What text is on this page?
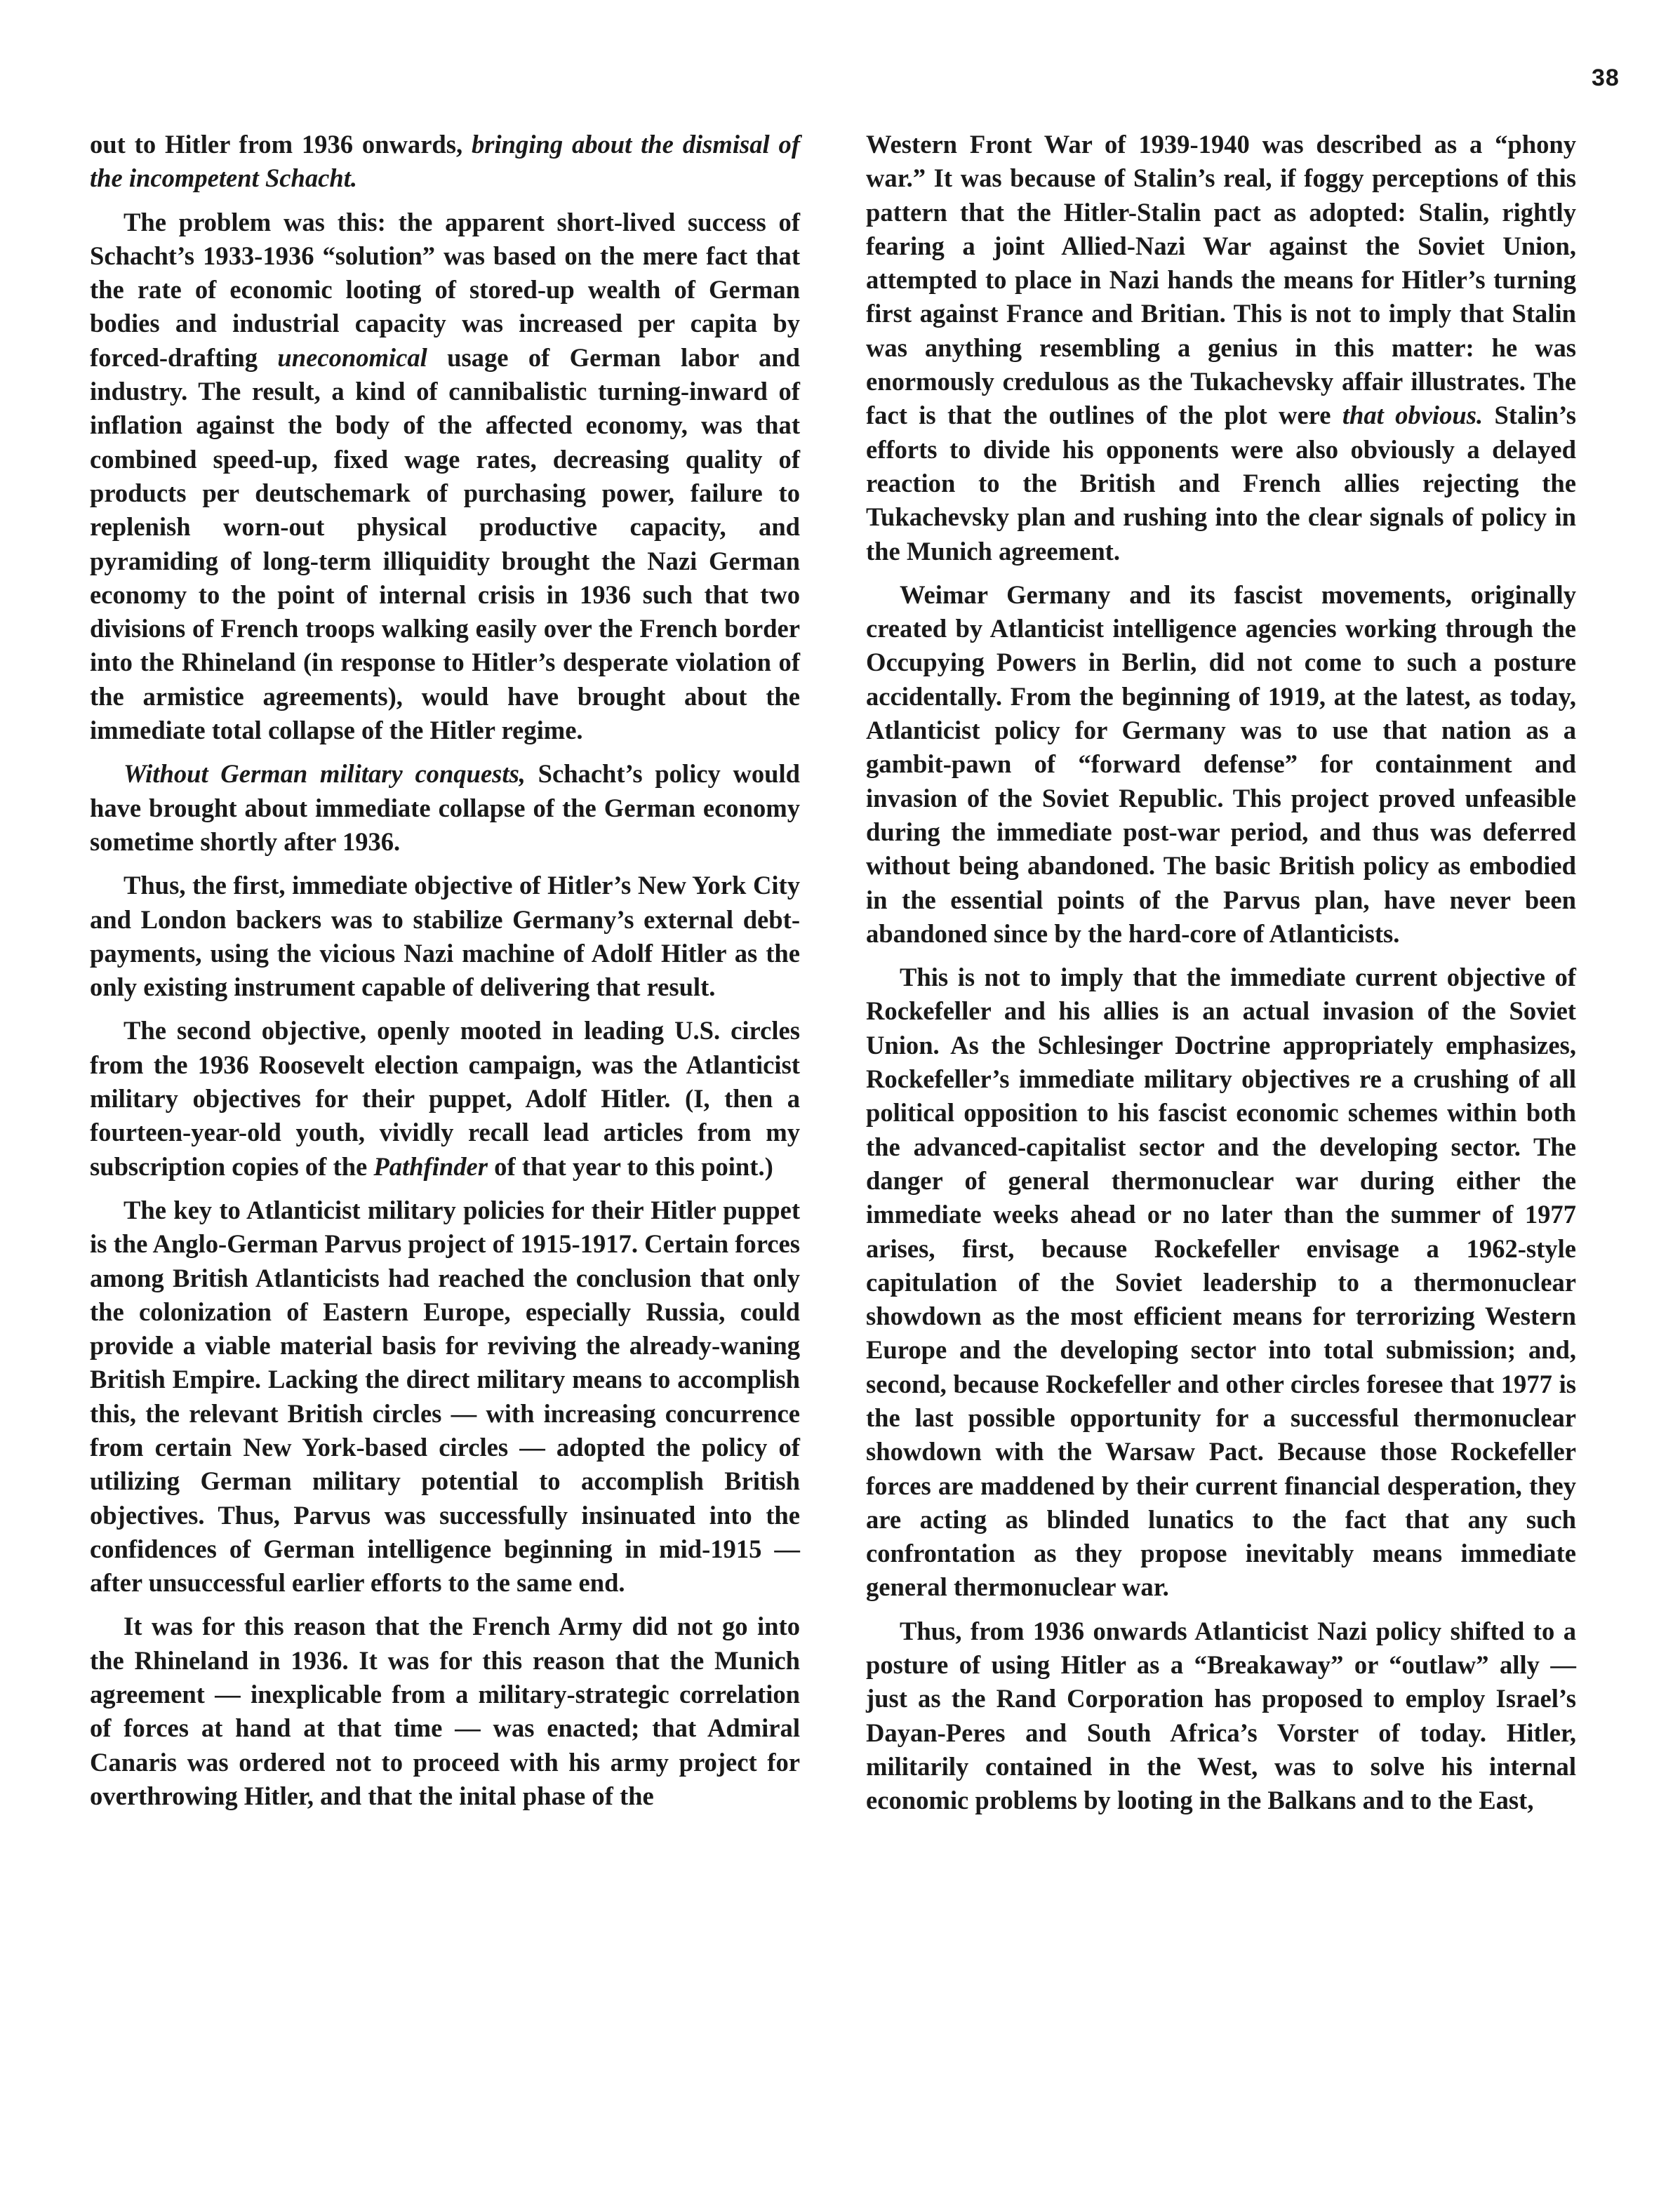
38

out to Hitler from 1936 onwards, bringing about the dismisal of the incompetent Schacht.

The problem was this: the apparent short-lived success of Schacht’s 1933-1936 “solution” was based on the mere fact that the rate of economic looting of stored-up wealth of German bodies and industrial capacity was increased per capita by forced-drafting uneconomical usage of German labor and industry. The result, a kind of cannibalistic turning-inward of inflation against the body of the affected economy, was that combined speed-up, fixed wage rates, decreasing quality of products per deutschemark of purchasing power, failure to replenish worn-out physical productive capacity, and pyramiding of long-term illiquidity brought the Nazi German economy to the point of internal crisis in 1936 such that two divisions of French troops walking easily over the French border into the Rhineland (in response to Hitler’s desperate violation of the armistice agreements), would have brought about the immediate total collapse of the Hitler regime.

Without German military conquests, Schacht’s policy would have brought about immediate collapse of the German economy sometime shortly after 1936.

Thus, the first, immediate objective of Hitler’s New York City and London backers was to stabilize Germany’s external debt-payments, using the vicious Nazi machine of Adolf Hitler as the only existing instrument capable of delivering that result.

The second objective, openly mooted in leading U.S. circles from the 1936 Roosevelt election campaign, was the Atlanticist military objectives for their puppet, Adolf Hitler. (I, then a fourteen-year-old youth, vividly recall lead articles from my subscription copies of the Pathfinder of that year to this point.)

The key to Atlanticist military policies for their Hitler puppet is the Anglo-German Parvus project of 1915-1917. Certain forces among British Atlanticists had reached the conclusion that only the colonization of Eastern Europe, especially Russia, could provide a viable material basis for reviving the already-waning British Empire. Lacking the direct military means to accomplish this, the relevant British circles — with increasing concurrence from certain New York-based circles — adopted the policy of utilizing German military potential to accomplish British objectives. Thus, Parvus was successfully insinuated into the confidences of German intelligence beginning in mid-1915 — after unsuccessful earlier efforts to the same end.

It was for this reason that the French Army did not go into the Rhineland in 1936. It was for this reason that the Munich agreement — inexplicable from a military-strategic correlation of forces at hand at that time — was enacted; that Admiral Canaris was ordered not to proceed with his army project for overthrowing Hitler, and that the inital phase of the

Western Front War of 1939-1940 was described as a “phony war.” It was because of Stalin’s real, if foggy perceptions of this pattern that the Hitler-Stalin pact as adopted: Stalin, rightly fearing a joint Allied-Nazi War against the Soviet Union, attempted to place in Nazi hands the means for Hitler’s turning first against France and Britian. This is not to imply that Stalin was anything resembling a genius in this matter: he was enormously credulous as the Tukachevsky affair illustrates. The fact is that the outlines of the plot were that obvious. Stalin’s efforts to divide his opponents were also obviously a delayed reaction to the British and French allies rejecting the Tukachevsky plan and rushing into the clear signals of policy in the Munich agreement.

Weimar Germany and its fascist movements, originally created by Atlanticist intelligence agencies working through the Occupying Powers in Berlin, did not come to such a posture accidentally. From the beginning of 1919, at the latest, as today, Atlanticist policy for Germany was to use that nation as a gambit-pawn of “forward defense” for containment and invasion of the Soviet Republic. This project proved unfeasible during the immediate post-war period, and thus was deferred without being abandoned. The basic British policy as embodied in the essential points of the Parvus plan, have never been abandoned since by the hard-core of Atlanticists.

This is not to imply that the immediate current objective of Rockefeller and his allies is an actual invasion of the Soviet Union. As the Schlesinger Doctrine appropriately emphasizes, Rockefeller’s immediate military objectives re a crushing of all political opposition to his fascist economic schemes within both the advanced-capitalist sector and the developing sector. The danger of general thermonuclear war during either the immediate weeks ahead or no later than the summer of 1977 arises, first, because Rockefeller envisage a 1962-style capitulation of the Soviet leadership to a thermonuclear showdown as the most efficient means for terrorizing Western Europe and the developing sector into total submission; and, second, because Rockefeller and other circles foresee that 1977 is the last possible opportunity for a successful thermonuclear showdown with the Warsaw Pact. Because those Rockefeller forces are maddened by their current financial desperation, they are acting as blinded lunatics to the fact that any such confrontation as they propose inevitably means immediate general thermonuclear war.

Thus, from 1936 onwards Atlanticist Nazi policy shifted to a posture of using Hitler as a “Breakaway” or “outlaw” ally — just as the Rand Corporation has proposed to employ Israel’s Dayan-Peres and South Africa’s Vorster of today. Hitler, militarily contained in the West, was to solve his internal economic problems by looting in the Balkans and to the East,
